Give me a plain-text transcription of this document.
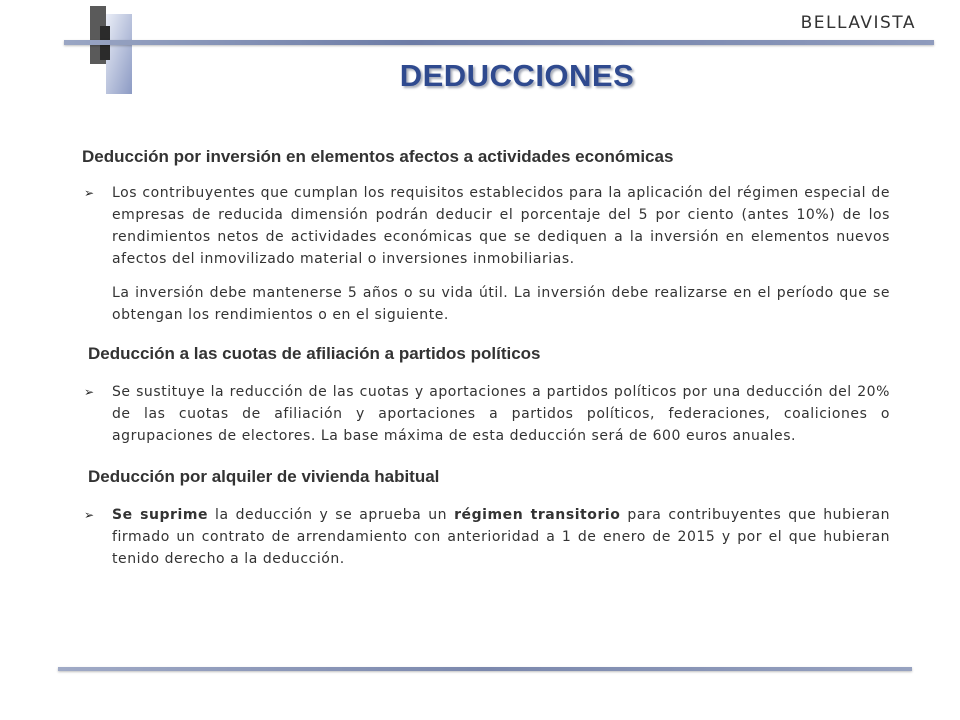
BELLAVISTA
DEDUCCIONES
Deducción por inversión en elementos afectos a actividades económicas
➢	Los contribuyentes que cumplan los requisitos establecidos para la aplicación del régimen especial de empresas de reducida dimensión podrán deducir el porcentaje del 5 por ciento (antes 10%) de los rendimientos netos de actividades económicas que se dediquen a la inversión en elementos nuevos afectos del inmovilizado material o inversiones inmobiliarias.

La inversión debe mantenerse 5 años o su vida útil. La inversión debe realizarse en el período que se obtengan los rendimientos o en el siguiente.

Deducción a las cuotas de afiliación a partidos políticos
➢	Se sustituye la reducción de las cuotas y aportaciones a partidos políticos por una deducción del 20% de las cuotas de afiliación y aportaciones a partidos políticos, federaciones, coaliciones o agrupaciones de electores. La base máxima de esta deducción será de 600 euros anuales.
Deducción por alquiler de vivienda habitual
➢	Se suprime la deducción y se aprueba un régimen transitorio para contribuyentes que hubieran firmado un contrato de arrendamiento con anterioridad a 1 de enero de 2015 y por el que hubieran tenido derecho a la deducción.
